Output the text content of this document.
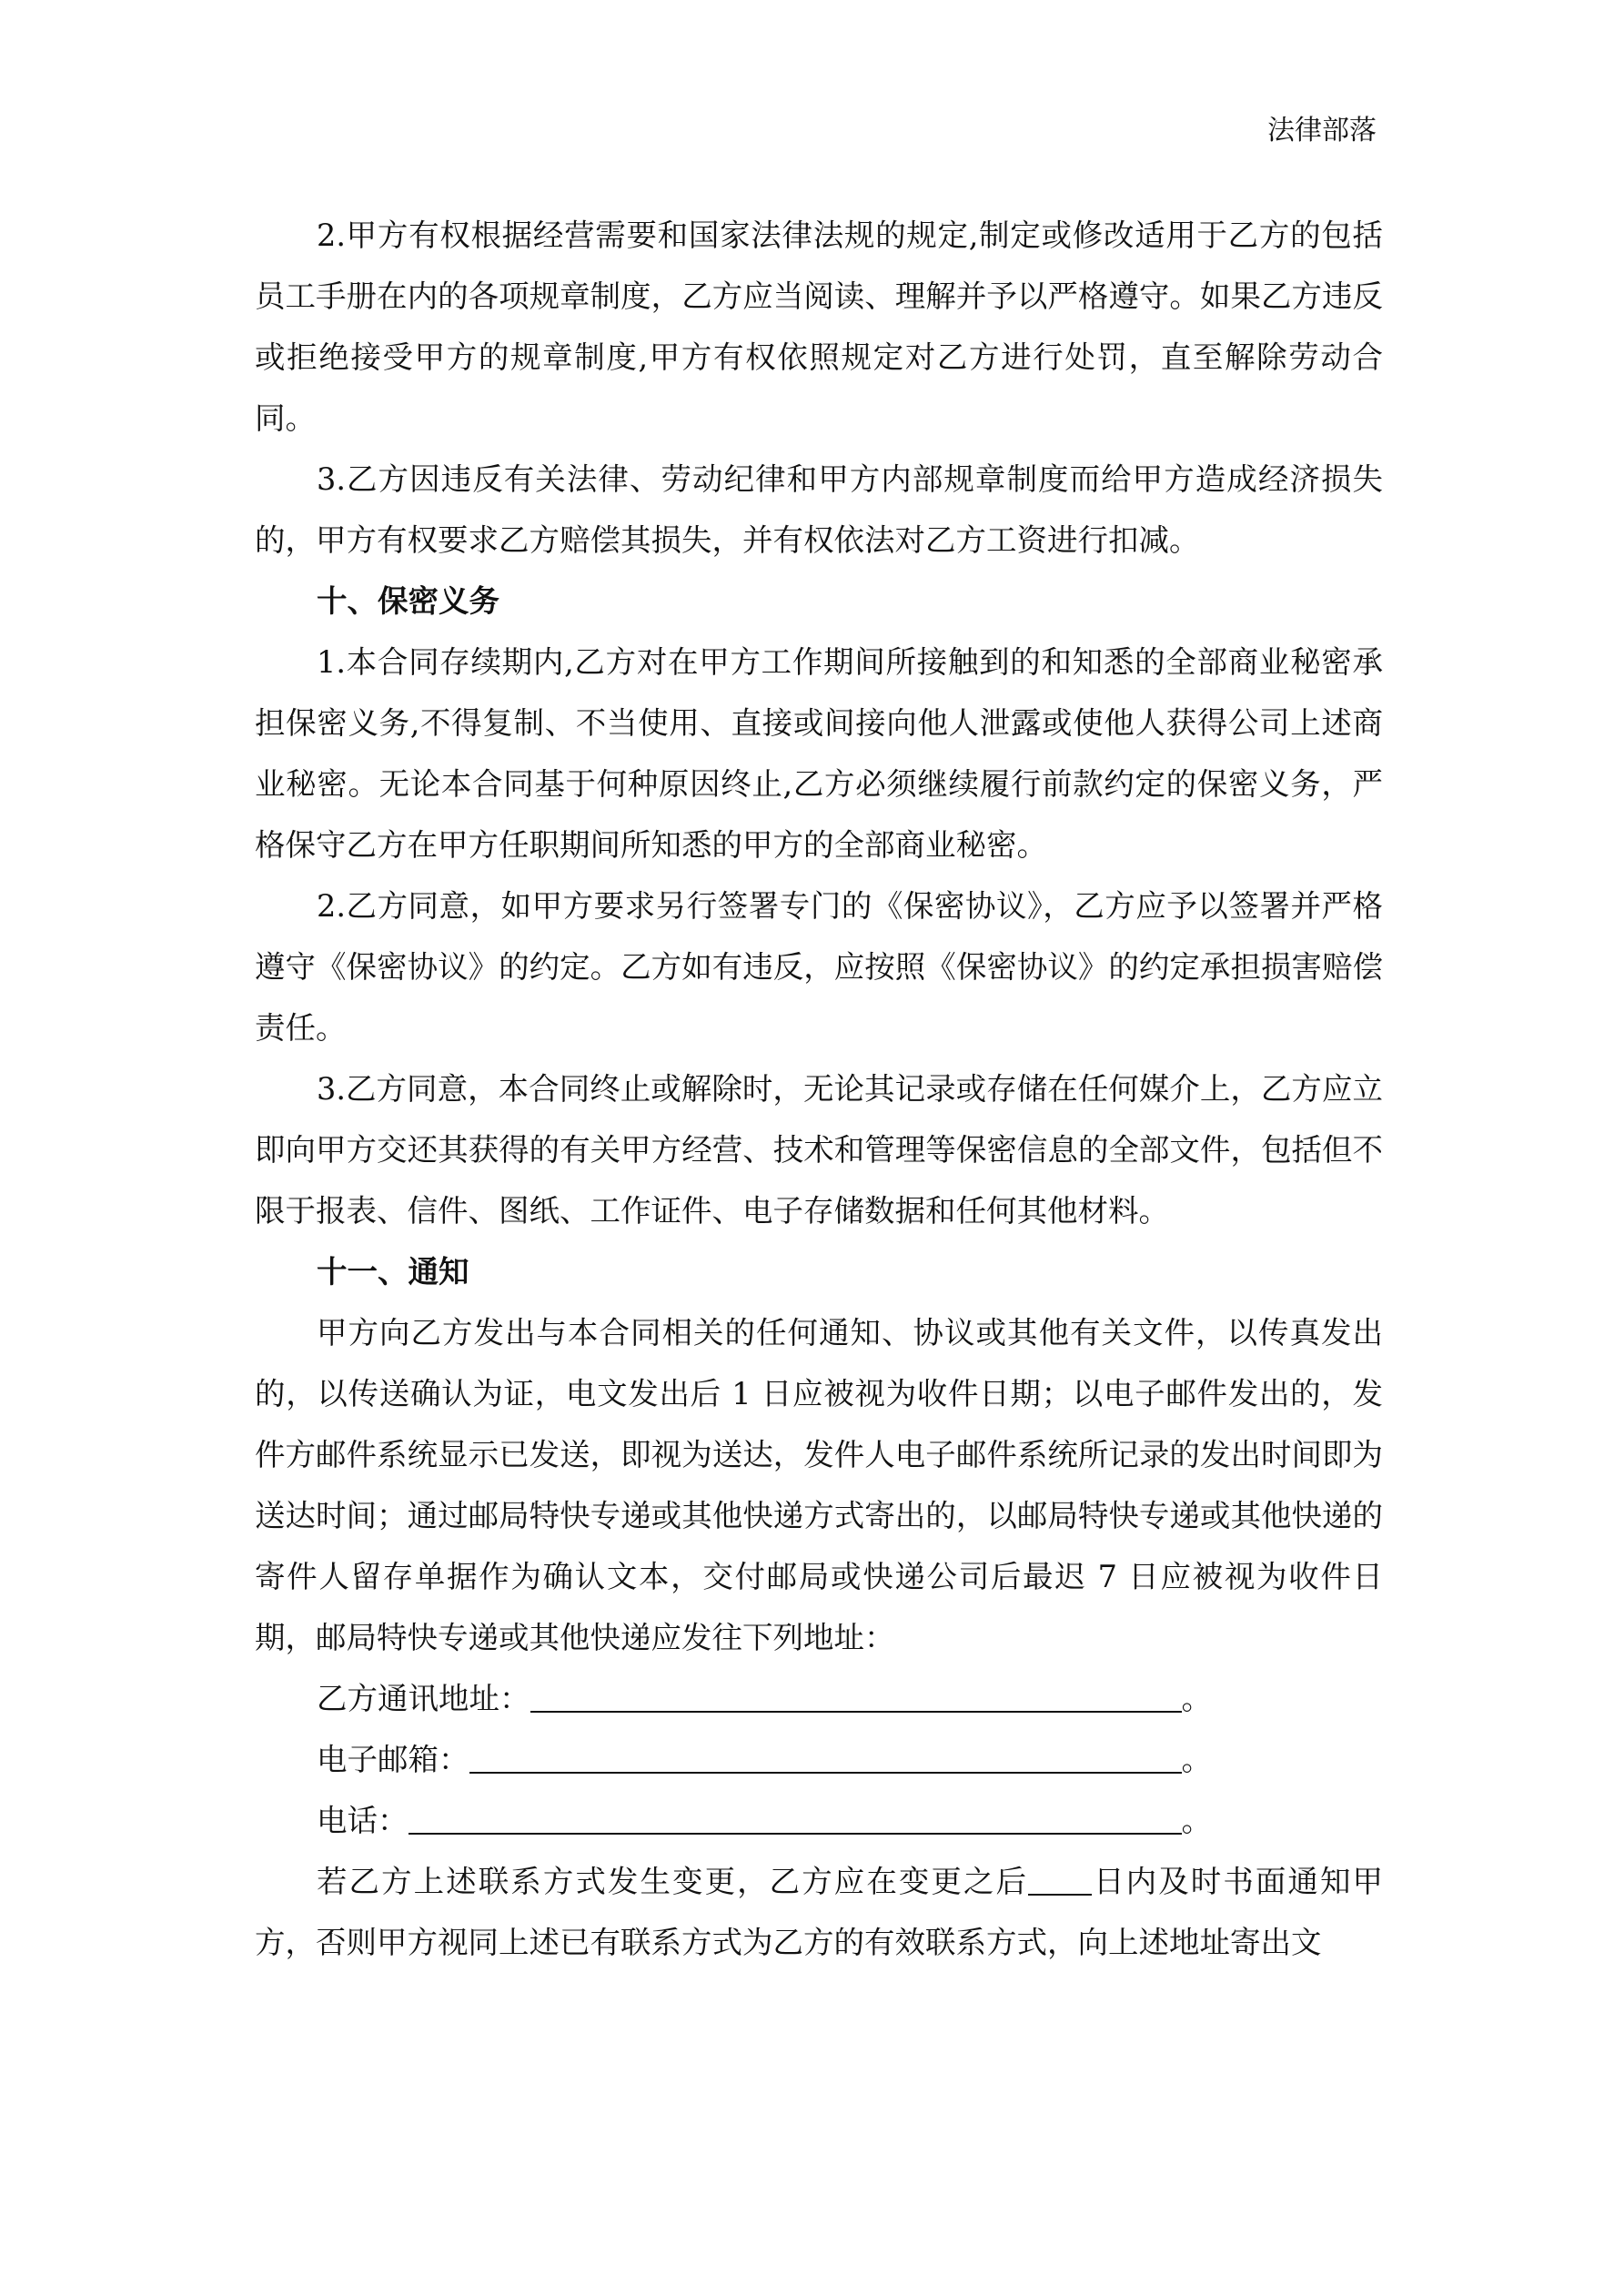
法律部落

2.甲方有权根据经营需要和国家法律法规的规定,制定或修改适用于乙方的包括员工手册在内的各项规章制度，乙方应当阅读、理解并予以严格遵守。如果乙方违反或拒绝接受甲方的规章制度,甲方有权依照规定对乙方进行处罚，直至解除劳动合同。

3.乙方因违反有关法律、劳动纪律和甲方内部规章制度而给甲方造成经济损失的，甲方有权要求乙方赔偿其损失，并有权依法对乙方工资进行扣减。

十、保密义务

1.本合同存续期内,乙方对在甲方工作期间所接触到的和知悉的全部商业秘密承担保密义务,不得复制、不当使用、直接或间接向他人泄露或使他人获得公司上述商业秘密。无论本合同基于何种原因终止,乙方必须继续履行前款约定的保密义务，严格保守乙方在甲方任职期间所知悉的甲方的全部商业秘密。

2.乙方同意，如甲方要求另行签署专门的《保密协议》，乙方应予以签署并严格遵守《保密协议》的约定。乙方如有违反，应按照《保密协议》的约定承担损害赔偿责任。

3.乙方同意，本合同终止或解除时，无论其记录或存储在任何媒介上，乙方应立即向甲方交还其获得的有关甲方经营、技术和管理等保密信息的全部文件，包括但不限于报表、信件、图纸、工作证件、电子存储数据和任何其他材料。

十一、通知

甲方向乙方发出与本合同相关的任何通知、协议或其他有关文件，以传真发出的，以传送确认为证，电文发出后 1 日应被视为收件日期；以电子邮件发出的，发件方邮件系统显示已发送，即视为送达，发件人电子邮件系统所记录的发出时间即为送达时间；通过邮局特快专递或其他快递方式寄出的，以邮局特快专递或其他快递的寄件人留存单据作为确认文本，交付邮局或快递公司后最迟 7 日应被视为收件日期，邮局特快专递或其他快递应发往下列地址：

乙方通讯地址：	。

电子邮箱：	。

电话：	。

若乙方上述联系方式发生变更，乙方应在变更之后 日内及时书面通知甲方，否则甲方视同上述已有联系方式为乙方的有效联系方式，向上述地址寄出文
